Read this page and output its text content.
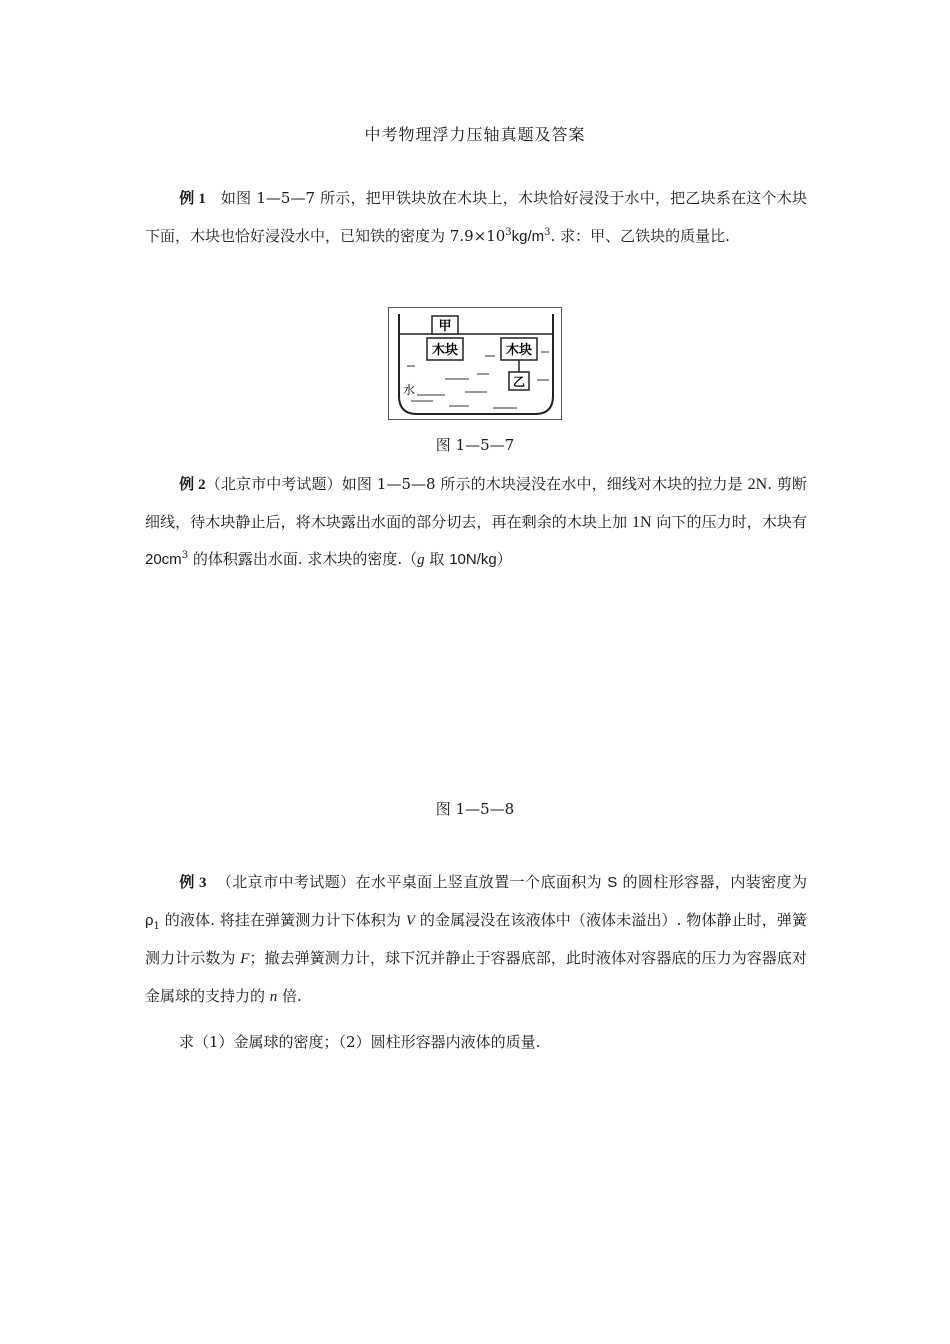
中考物理浮力压轴真题及答案
例 1 如图 1—5—7 所示，把甲铁块放在木块上，木块恰好浸没于水中，把乙块系在这个木块下面，木块也恰好浸没水中，已知铁的密度为 $7.9\times 10^3kg/m^3$. 求：甲、乙铁块的质量比.
甲
木块	木块
乙
水
图 1—5—7
例 2（北京市中考试题）如图 1—5—8 所示的木块浸没在水中，细线对木块的拉力是 2N. 剪断细线，待木块静止后，将木块露出水面的部分切去，再在剩余的木块上加 1N 向下的压力时，木块有 $20cm^3$ 的体积露出水面. 求木块的密度.（g 取 10N/kg）
图 1—5—8
例 3 （北京市中考试题）在水平桌面上竖直放置一个底面积为 S 的圆柱形容器，内装密度为 $\rho_1$ 的液体. 将挂在弹簧测力计下体积为 V 的金属浸没在该液体中（液体未溢出）. 物体静止时，弹簧测力计示数为 F；撤去弹簧测力计，球下沉并静止于容器底部，此时液体对容器底的压力为容器底对金属球的支持力的 n 倍.
求（1）金属球的密度；（2）圆柱形容器内液体的质量.
